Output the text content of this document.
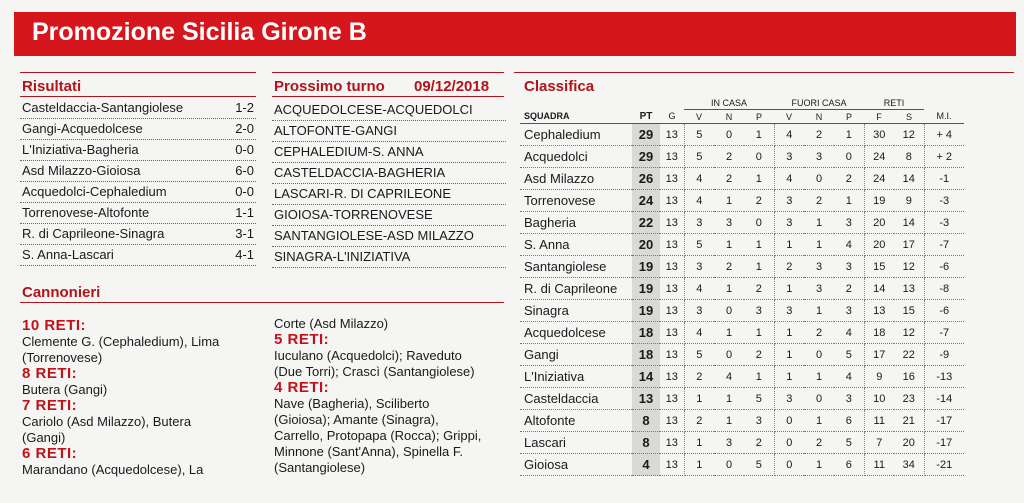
Promozione Sicilia Girone B
Risultati
Casteldaccia-Santangiolese	1-2
Gangi-Acquedolcese	2-0
L'Iniziativa-Bagheria	0-0
Asd Milazzo-Gioiosa	6-0
Acquedolci-Cephaledium	0-0
Torrenovese-Altofonte	1-1
R. di Caprileone-Sinagra	3-1
S. Anna-Lascari	4-1
Prossimo turno 09/12/2018
ACQUEDOLCESE-ACQUEDOLCI
ALTOFONTE-GANGI
CEPHALEDIUM-S. ANNA
CASTELDACCIA-BAGHERIA
LASCARI-R. DI CAPRILEONE
GIOIOSA-TORRENOVESE
SANTANGIOLESE-ASD MILAZZO
SINAGRA-L'INIZIATIVA
Cannonieri
10 RETI:
Clemente G. (Cephaledium), Lima
(Torrenovese)
8 RETI:
Butera (Gangi)
7 RETI:
Cariolo (Asd Milazzo), Butera
(Gangi)
6 RETI:
Marandano (Acquedolcese), La
Corte (Asd Milazzo)
5 RETI:
Iuculano (Acquedolci); Raveduto
(Due Torri); Crascì (Santangiolese)
4 RETI:
Nave (Bagheria), Sciliberto
(Gioiosa); Amante (Sinagra),
Carrello, Protopapa (Rocca); Grippi,
Minnone (Sant'Anna), Spinella F.
(Santangiolese)
Classifica
			IN CASA			FUORI CASA			RETI		
SQUADRA	PT	G	V	N	P	V	N	P	F	S	M.I.
Cephaledium	29	13	5	0	1	4	2	1	30	12	+ 4
Acquedolci	29	13	5	2	0	3	3	0	24	8	+ 2
Asd Milazzo	26	13	4	2	1	4	0	2	24	14	-1
Torrenovese	24	13	4	1	2	3	2	1	19	9	-3
Bagheria	22	13	3	3	0	3	1	3	20	14	-3
S. Anna	20	13	5	1	1	1	1	4	20	17	-7
Santangiolese	19	13	3	2	1	2	3	3	15	12	-6
R. di Caprileone	19	13	4	1	2	1	3	2	14	13	-8
Sinagra	19	13	3	0	3	3	1	3	13	15	-6
Acquedolcese	18	13	4	1	1	1	2	4	18	12	-7
Gangi	18	13	5	0	2	1	0	5	17	22	-9
L'Iniziativa	14	13	2	4	1	1	1	4	9	16	-13
Casteldaccia	13	13	1	1	5	3	0	3	10	23	-14
Altofonte	8	13	2	1	3	0	1	6	11	21	-17
Lascari	8	13	1	3	2	0	2	5	7	20	-17
Gioiosa	4	13	1	0	5	0	1	6	11	34	-21
